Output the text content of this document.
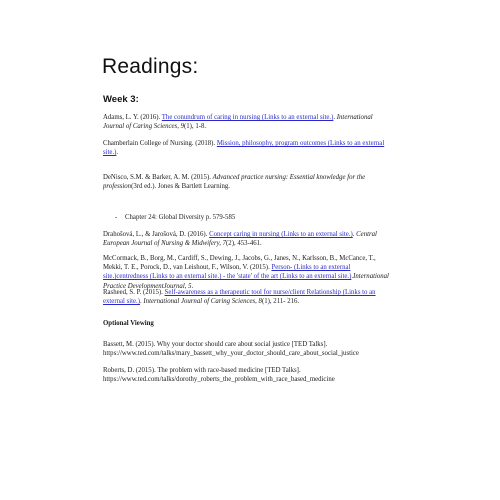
Readings:
Week 3:

Adams, L. Y. (2016). The conundrum of caring in nursing (Links to an external site.). International Journal of Caring Sciences, 9(1), 1-8.

Chamberlain College of Nursing. (2018). Mission, philosophy, program outcomes (Links to an external site.).

DeNisco, S.M. & Barker, A. M. (2015). Advanced practice nursing: Essential knowledge for the profession(3rd ed.). Jones & Bartlett Learning.

- Chapter 24: Global Diversity p. 579-585

Drahošová, L., & Jarošová, D. (2016). Concept caring in nursing (Links to an external site.). Central European Journal of Nursing & Midwifery, 7(2), 453-461.

McCormack, B., Borg, M., Cardiff, S., Dewing, J., Jacobs, G., Janes, N., Karlsson, B., McCance, T., Mekki, T. E., Porock, D., van Leishout, F., Wilson, V. (2015). Person- (Links to an external site.)centredness (Links to an external site.) - the 'state' of the art (Links to an external site.).International Practice DevelopmentJournal, 5.

Rasheed, S. P. (2015). Self-awareness as a therapeutic tool for nurse/client Relationship (Links to an external site.). International Journal of Caring Sciences, 8(1), 211- 216.

Optional Viewing

Bassett, M. (2015). Why your doctor should care about social justice [TED Talks].
https://www.ted.com/talks/mary_bassett_why_your_doctor_should_care_about_social_justice

Roberts, D. (2015). The problem with race-based medicine [TED Talks].
https://www.ted.com/talks/dorothy_roberts_the_problem_with_race_based_medicine
